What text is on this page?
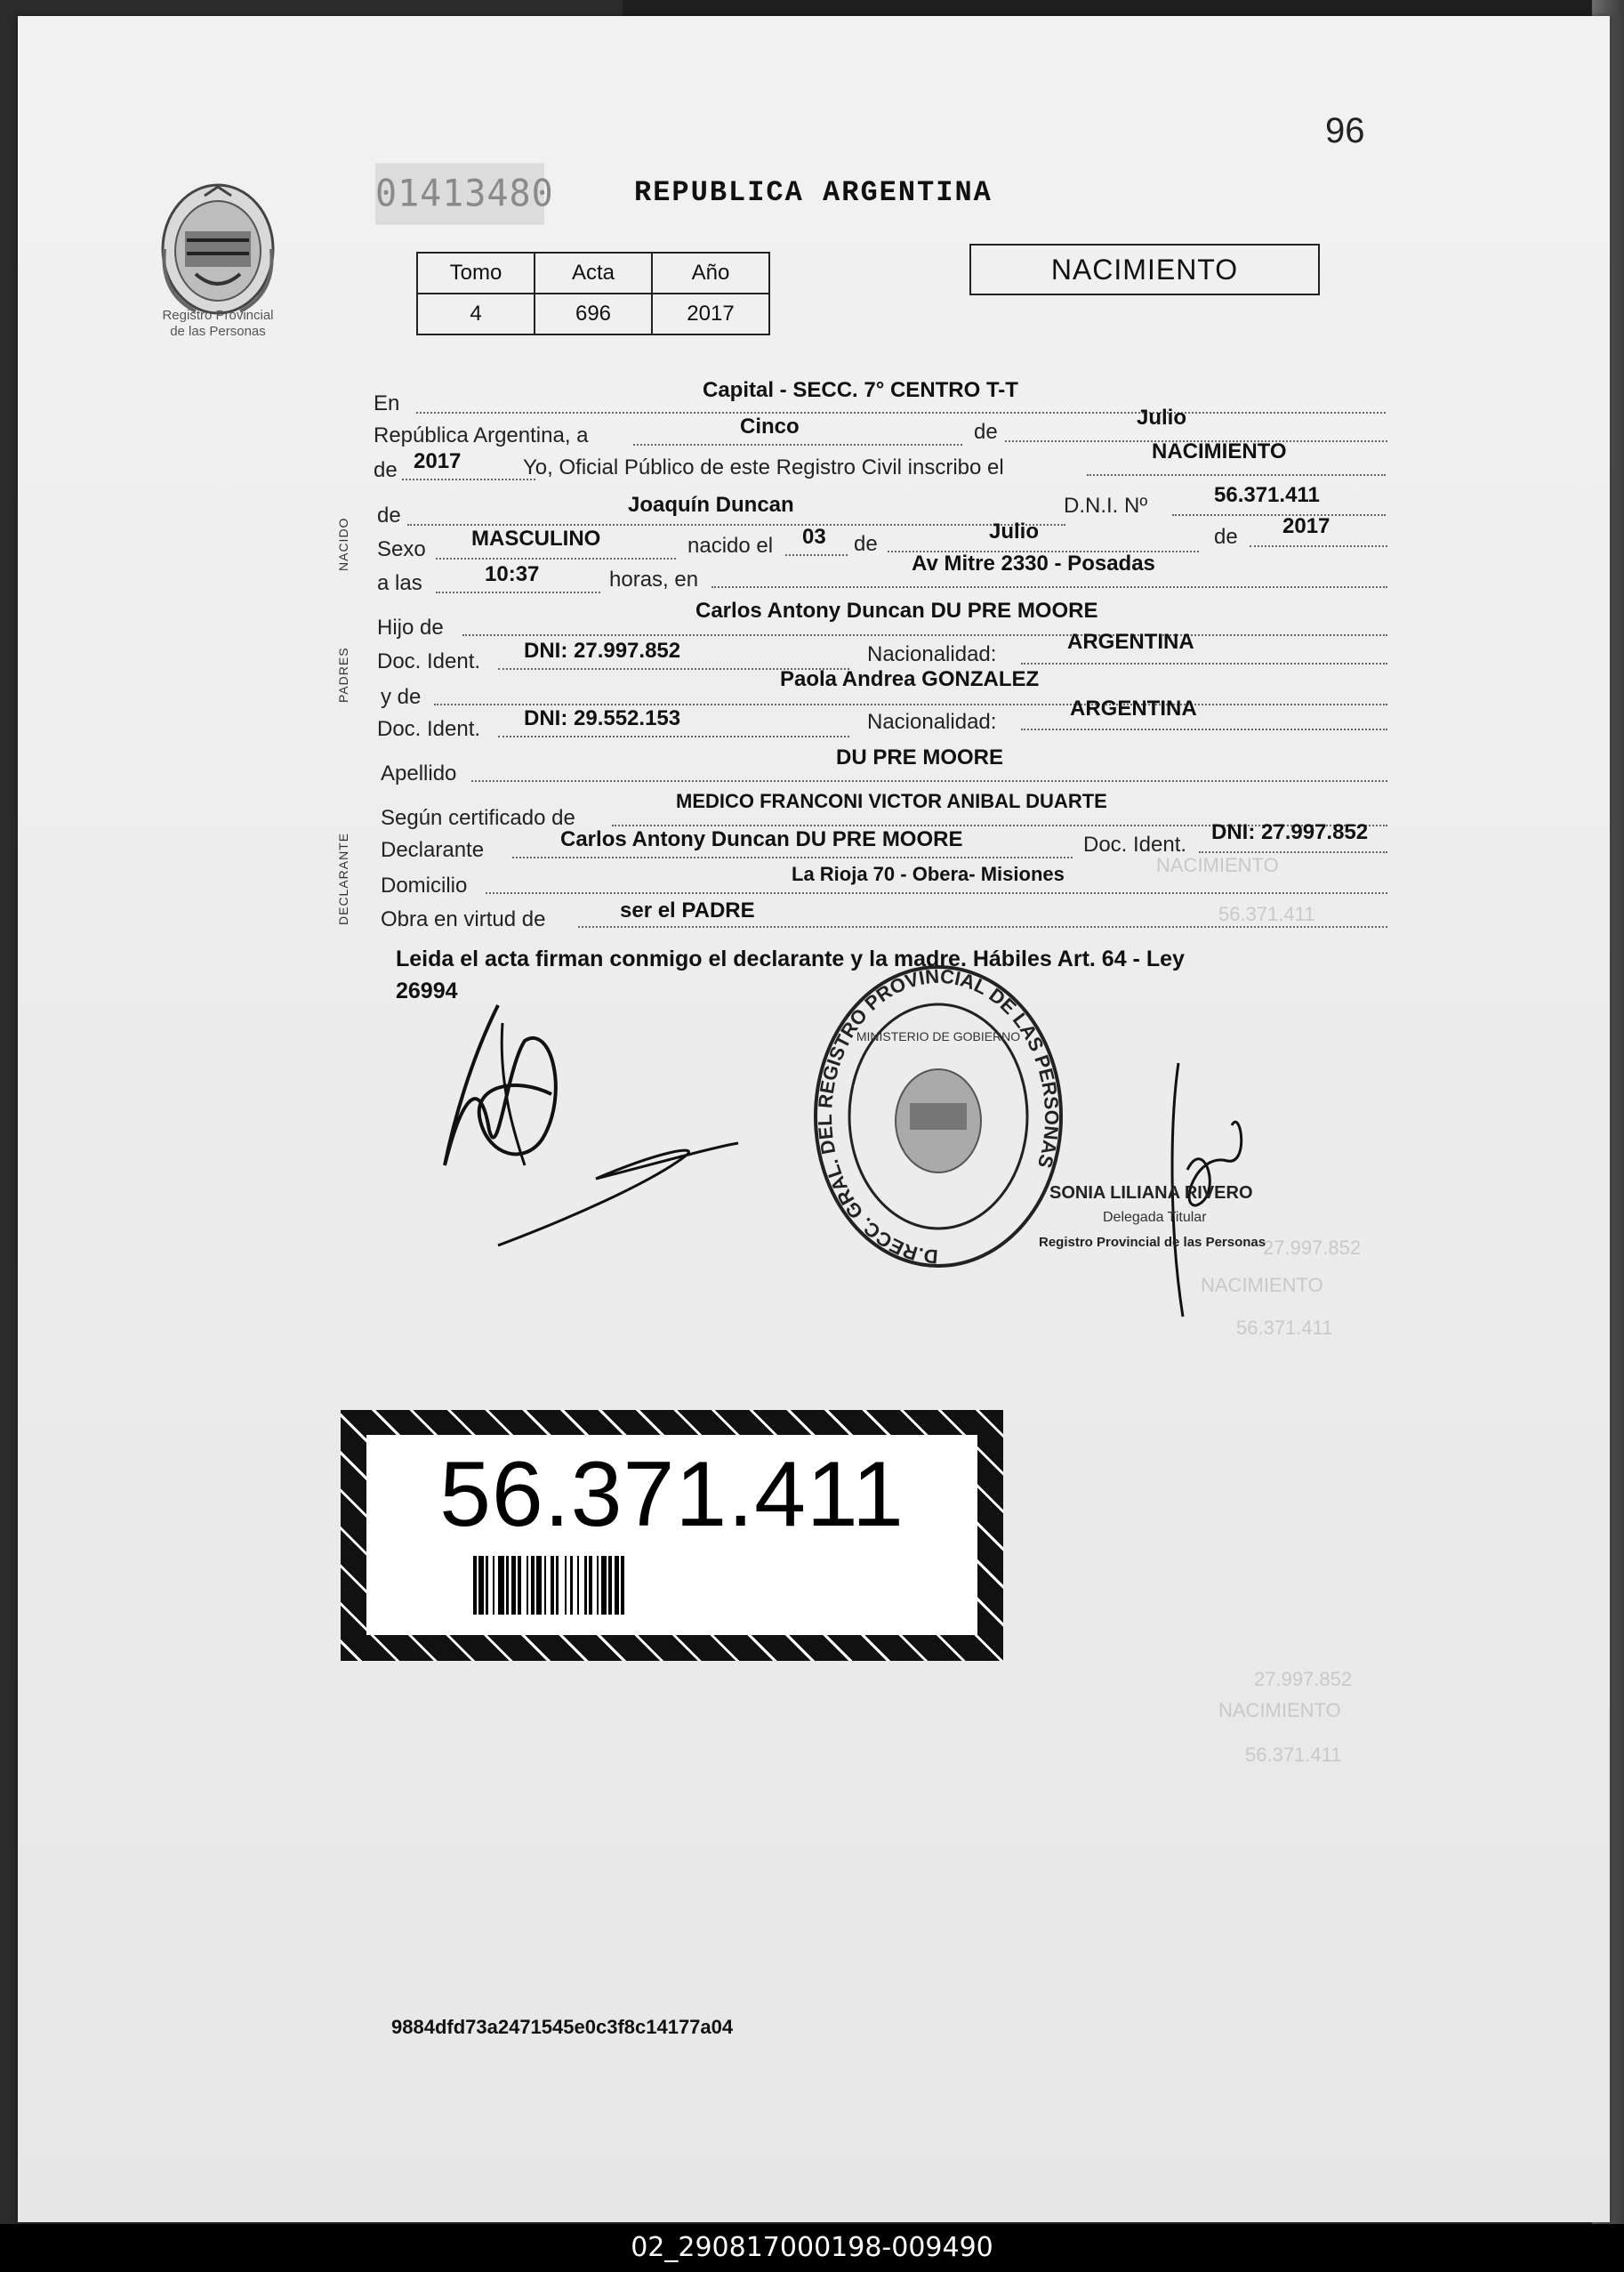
NACIMIENTO
56.371.411
27.997.852
NACIMIENTO
56.371.411
27.997.852
NACIMIENTO
56.371.411
96
01413480	REPUBLICA ARGENTINA
Registro Provincial
de las Personas
Tomo	Acta	Año
4	696	2017
NACIMIENTO
NACIDO
PADRES
DECLARANTE
En
Capital - SECC. 7° CENTRO T-T
República Argentina, a	Cinco	de
Julio
de 2017	Yo, Oficial Público de este Registro Civil inscribo el
NACIMIENTO
de	Joaquín Duncan	D.N.I. Nº	56.371.411
Sexo MASCULINO	nacido el 03 de
Julio	de 2017
a las	10:37	horas, en
Av Mitre 2330 - Posadas
Hijo de
Carlos Antony Duncan DU PRE MOORE
Doc. Ident. DNI: 27.997.852	Nacionalidad:
ARGENTINA
y de
Paola Andrea GONZALEZ
Doc. Ident. DNI: 29.552.153	Nacionalidad:
ARGENTINA
Apellido
DU PRE MOORE
Según certificado de
MEDICO FRANCONI VICTOR ANIBAL DUARTE
Declarante	Carlos Antony Duncan DU PRE MOORE	Doc. Ident.
DNI: 27.997.852
Domicilio	La Rioja 70 - Obera- Misiones
Obra en virtud de	ser el PADRE
Leida el acta firman conmigo el declarante y la madre. Hábiles Art. 64 - Ley
26994
D.RECC. GRAL. DEL REGISTRO PROVINCIAL DE LAS PERSONAS
MINISTERIO DE GOBIERNO
SONIA LILIANA RIVERO
Delegada Titular
Registro Provincial de las Personas
56.371.411
9884dfd73a2471545e0c3f8c14177a04
02_290817000198-009490
